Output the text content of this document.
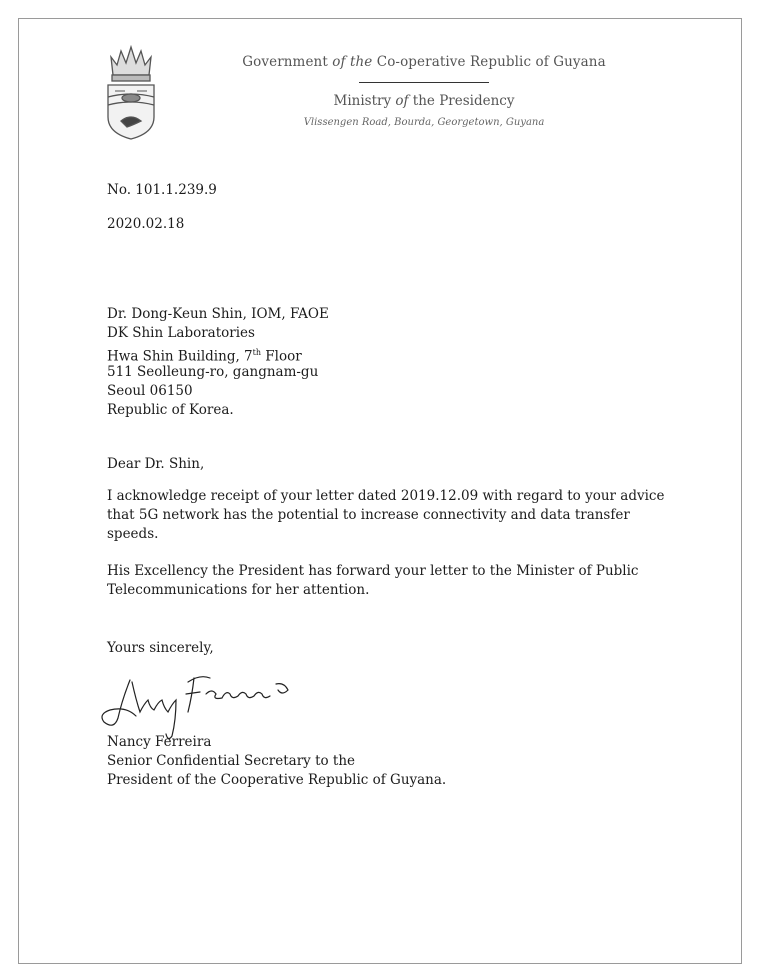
Government of the Co-operative Republic of Guyana
Ministry of the Presidency
Vlissengen Road, Bourda, Georgetown, Guyana
No. 101.1.239.9
2020.02.18
Dr. Dong-Keun Shin, IOM, FAOE
DK Shin Laboratories
Hwa Shin Building, 7th Floor
511 Seolleung-ro, gangnam-gu
Seoul 06150
Republic of Korea.
Dear Dr. Shin,
I acknowledge receipt of your letter dated 2019.12.09 with regard to your advice that 5G network has the potential to increase connectivity and data transfer speeds.
His Excellency the President has forward your letter to the Minister of Public Telecommunications for her attention.
Yours sincerely,
Nancy Ferreira
Senior Confidential Secretary to the
President of the Cooperative Republic of Guyana.
